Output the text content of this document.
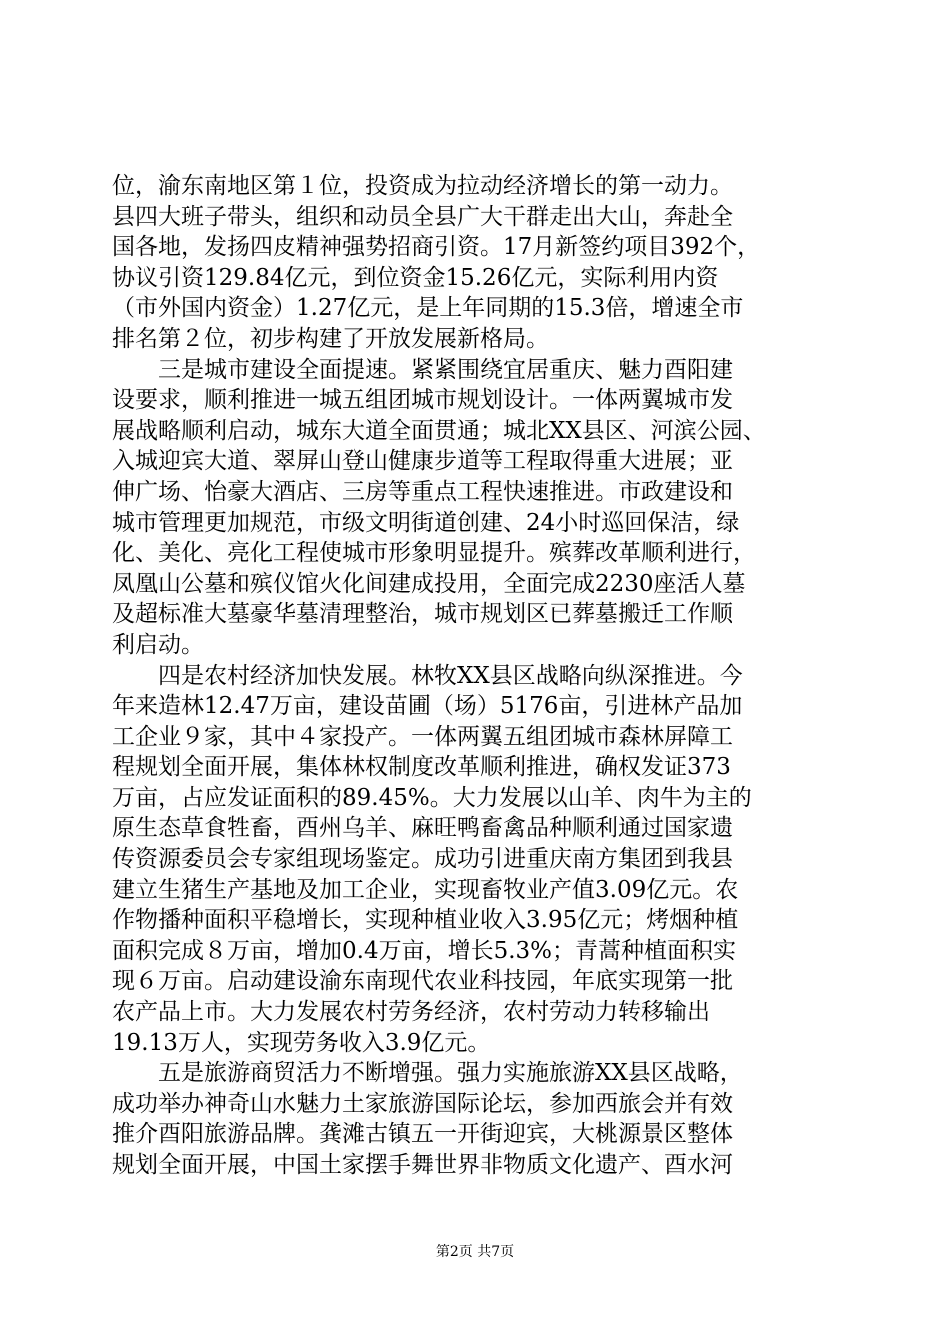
位，渝东南地区第１位，投资成为拉动经济增长的第一动力。
县四大班子带头，组织和动员全县广大干群走出大山，奔赴全
国各地，发扬四皮精神强势招商引资。17月新签约项目392个，
协议引资129.84亿元，到位资金15.26亿元，实际利用内资
（市外国内资金）1.27亿元，是上年同期的15.3倍，增速全市
排名第２位，初步构建了开放发展新格局。
　　三是城市建设全面提速。紧紧围绕宜居重庆、魅力酉阳建
设要求，顺利推进一城五组团城市规划设计。一体两翼城市发
展战略顺利启动，城东大道全面贯通；城北XX县区、河滨公园、
入城迎宾大道、翠屏山登山健康步道等工程取得重大进展；亚
伸广场、怡豪大酒店、三房等重点工程快速推进。市政建设和
城市管理更加规范，市级文明街道创建、24小时巡回保洁，绿
化、美化、亮化工程使城市形象明显提升。殡葬改革顺利进行，
凤凰山公墓和殡仪馆火化间建成投用，全面完成2230座活人墓
及超标准大墓豪华墓清理整治，城市规划区已葬墓搬迁工作顺
利启动。
　　四是农村经济加快发展。林牧XX县区战略向纵深推进。今
年来造林12.47万亩，建设苗圃（场）5176亩，引进林产品加
工企业９家，其中４家投产。一体两翼五组团城市森林屏障工
程规划全面开展，集体林权制度改革顺利推进，确权发证373
万亩，占应发证面积的89.45%。大力发展以山羊、肉牛为主的
原生态草食牲畜，酉州乌羊、麻旺鸭畜禽品种顺利通过国家遗
传资源委员会专家组现场鉴定。成功引进重庆南方集团到我县
建立生猪生产基地及加工企业，实现畜牧业产值3.09亿元。农
作物播种面积平稳增长，实现种植业收入3.95亿元；烤烟种植
面积完成８万亩，增加0.4万亩，增长5.3%；青蒿种植面积实
现６万亩。启动建设渝东南现代农业科技园，年底实现第一批
农产品上市。大力发展农村劳务经济，农村劳动力转移输出
19.13万人，实现劳务收入3.9亿元。
　　五是旅游商贸活力不断增强。强力实施旅游XX县区战略，
成功举办神奇山水魅力土家旅游国际论坛，参加西旅会并有效
推介酉阳旅游品牌。龚滩古镇五一开街迎宾，大桃源景区整体
规划全面开展，中国土家摆手舞世界非物质文化遗产、酉水河
第2页 共7页
